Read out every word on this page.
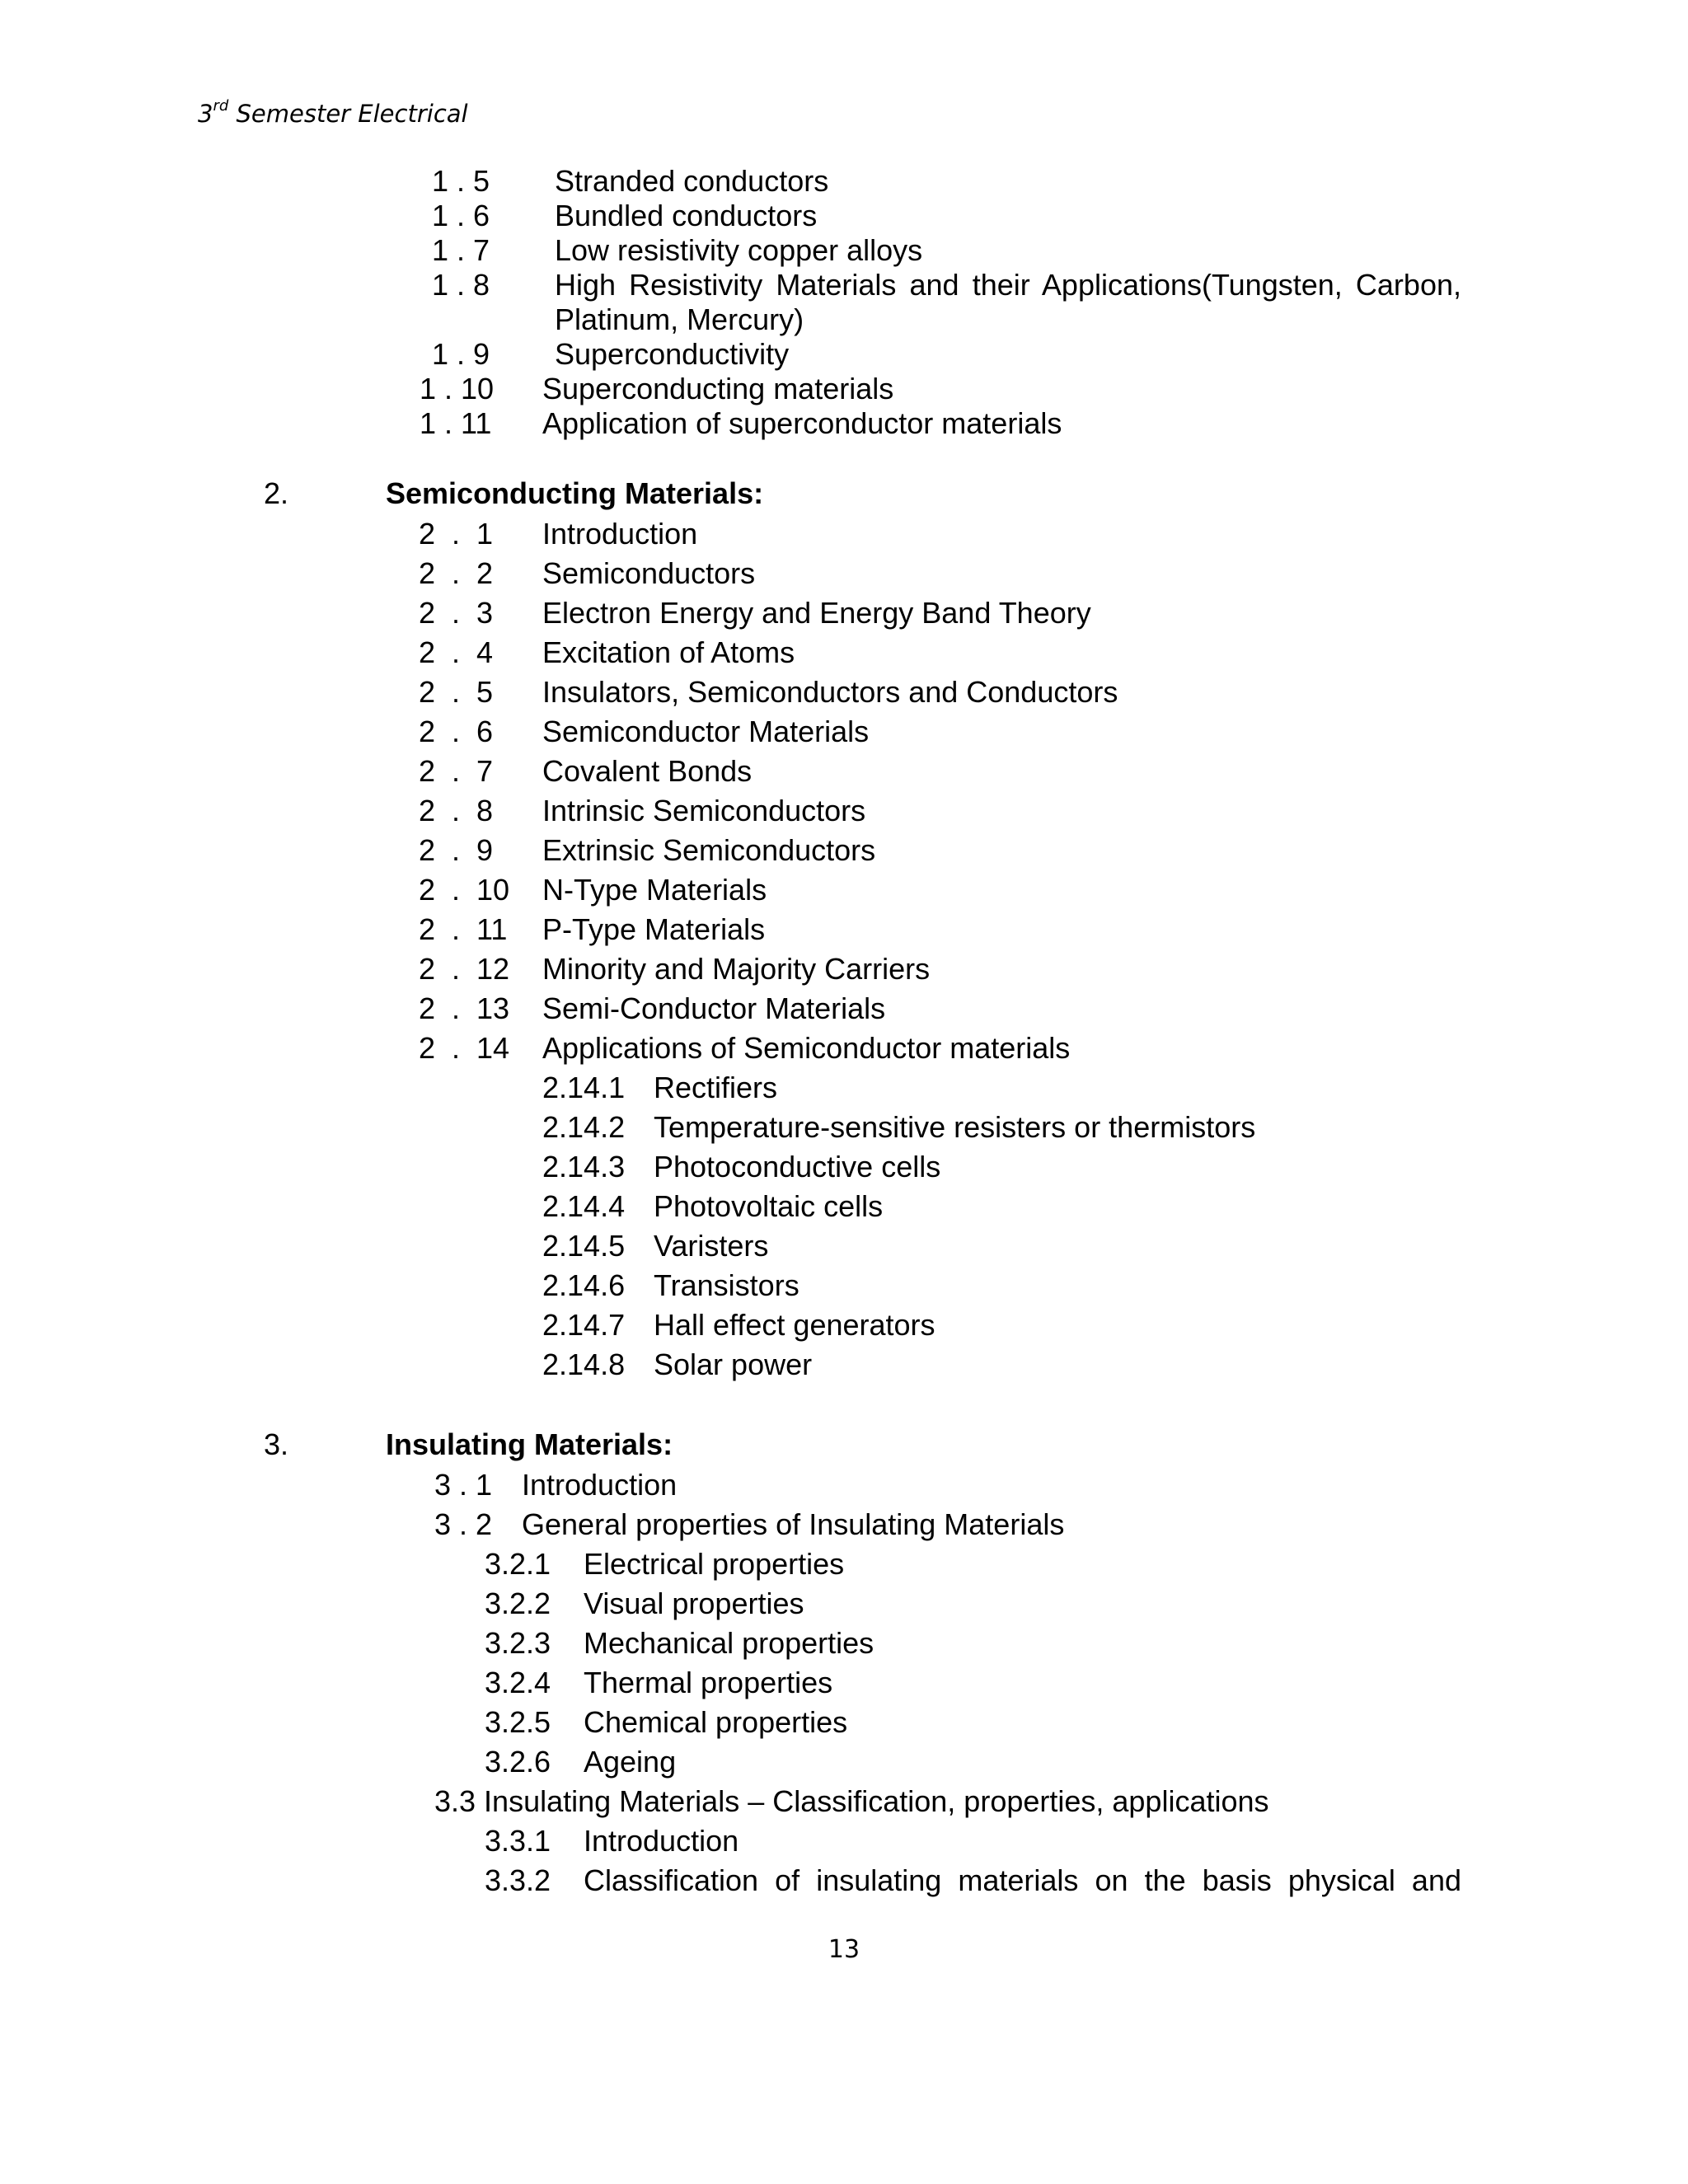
3rd Semester Electrical
1 . 5 Stranded conductors
1 . 6 Bundled conductors
1 . 7 Low resistivity copper alloys
1 . 8 High Resistivity Materials and their Applications(Tungsten, Carbon,
Platinum, Mercury)
1 . 9 Superconductivity
1 . 10 Superconducting materials
1 . 11 Application of superconductor materials
2.	Semiconducting Materials:
2  .  1 Introduction
2  .  2 Semiconductors
2  .  3 Electron Energy and Energy Band Theory
2  .  4 Excitation of Atoms
2  .  5 Insulators, Semiconductors and Conductors
2  .  6 Semiconductor Materials
2  .  7 Covalent Bonds
2  .  8 Intrinsic Semiconductors
2  .  9 Extrinsic Semiconductors
2  .  10 N-Type Materials
2  .  11 P-Type Materials
2  .  12 Minority and Majority Carriers
2  .  13 Semi-Conductor Materials
2  .  14 Applications of Semiconductor materials
2.14.1 Rectifiers
2.14.2 Temperature-sensitive resisters or thermistors
2.14.3 Photoconductive cells
2.14.4 Photovoltaic cells
2.14.5 Varisters
2.14.6 Transistors
2.14.7 Hall effect generators
2.14.8 Solar power
3.	Insulating Materials:
3 . 1 Introduction
3 . 2 General properties of Insulating Materials
3.2.1 Electrical properties
3.2.2 Visual properties
3.2.3 Mechanical properties
3.2.4 Thermal properties
3.2.5 Chemical properties
3.2.6 Ageing
3.3 Insulating Materials – Classification, properties, applications
3.3.1 Introduction
3.3.2 Classification of insulating materials on the basis physical and
13
